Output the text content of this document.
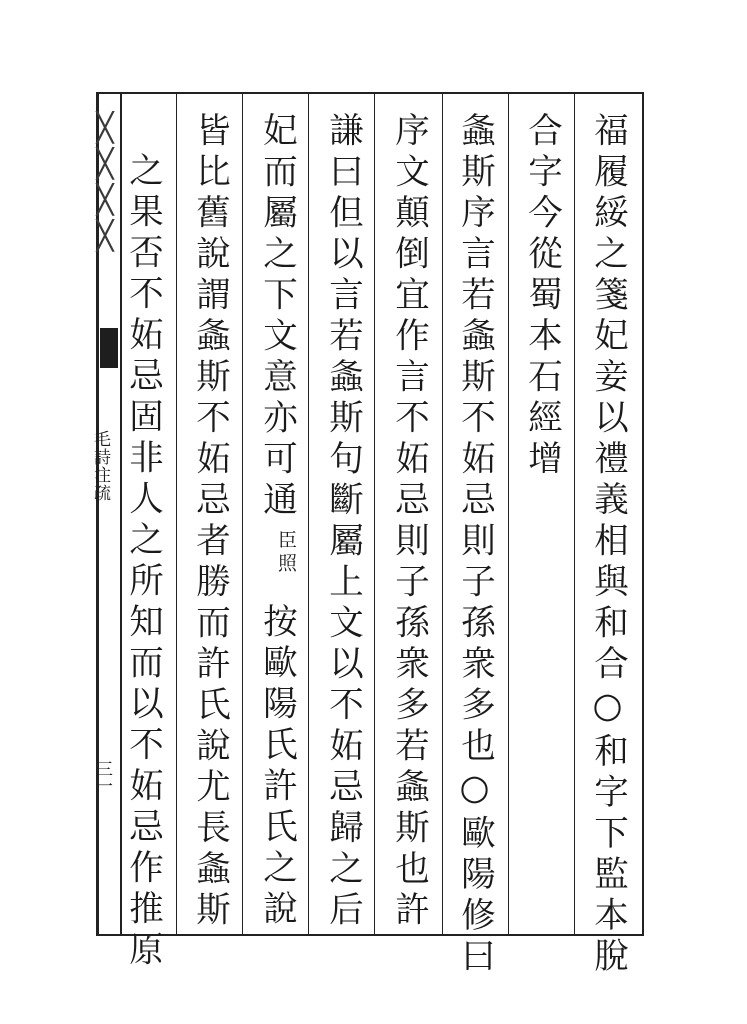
╳
╳
╳
╳
毛詩注疏
三一	福履綏之箋妃妾以禮義相與和合○和字下監本脫
合字今從蜀本石經增
螽斯序言若螽斯不妬忌則子孫衆多也○歐陽修曰
序文顛倒宜作言不妬忌則子孫衆多若螽斯也許
謙曰但以言若螽斯句斷屬上文以不妬忌歸之后
妃而屬之下文意亦可通
臣照
按歐陽氏許氏之說
皆比舊說謂螽斯不妬忌者勝而許氏說尤長螽斯
之果否不妬忌固非人之所知而以不妬忌作推原
